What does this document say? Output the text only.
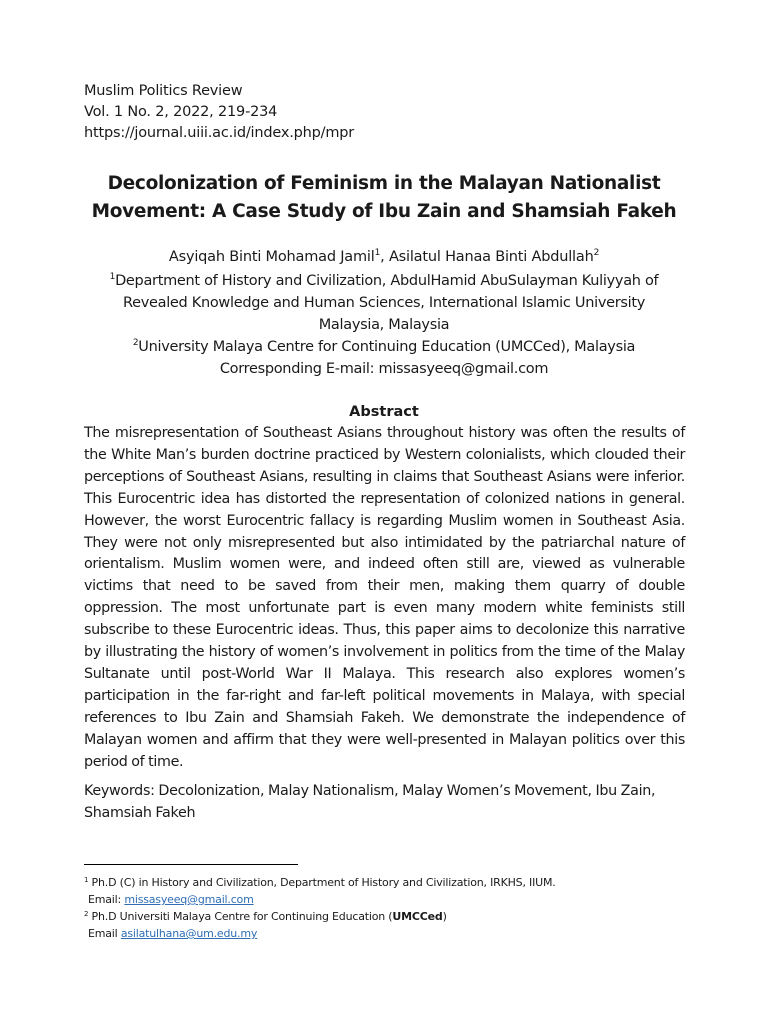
Muslim Politics Review
Vol. 1 No. 2, 2022, 219-234
https://journal.uiii.ac.id/index.php/mpr
Decolonization of Feminism in the Malayan Nationalist
Movement: A Case Study of Ibu Zain and Shamsiah Fakeh
Asyiqah Binti Mohamad Jamil$^1$, Asilatul Hanaa Binti Abdullah$^2$
$^1$Department of History and Civilization, AbdulHamid AbuSulayman Kuliyyah of
Revealed Knowledge and Human Sciences, International Islamic University
Malaysia, Malaysia
$^2$University Malaya Centre for Continuing Education (UMCCed), Malaysia
Corresponding E-mail: missasyeeq@gmail.com
Abstract
The misrepresentation of Southeast Asians throughout history was often the results of the White Man’s burden doctrine practiced by Western colonialists, which clouded their perceptions of Southeast Asians, resulting in claims that Southeast Asians were inferior. This Eurocentric idea has distorted the representation of colonized nations in general. However, the worst Eurocentric fallacy is regarding Muslim women in Southeast Asia. They were not only misrepresented but also intimidated by the patriarchal nature of orientalism. Muslim women were, and indeed often still are, viewed as vulnerable victims that need to be saved from their men, making them quarry of double oppression. The most unfortunate part is even many modern white feminists still subscribe to these Eurocentric ideas. Thus, this paper aims to decolonize this narrative by illustrating the history of women’s involvement in politics from the time of the Malay Sultanate until post-World War II Malaya. This research also explores women’s participation in the far-right and far-left political movements in Malaya, with special references to Ibu Zain and Shamsiah Fakeh. We demonstrate the independence of Malayan women and affirm that they were well-presented in Malayan politics over this period of time.
Keywords: Decolonization, Malay Nationalism, Malay Women’s Movement, Ibu Zain, Shamsiah Fakeh
$^1$ Ph.D (C) in History and Civilization, Department of History and Civilization, IRKHS, IIUM.
Email: missasyeeq@gmail.com
$^2$ Ph.D Universiti Malaya Centre for Continuing Education (UMCCed)
Email asilatulhana@um.edu.my
